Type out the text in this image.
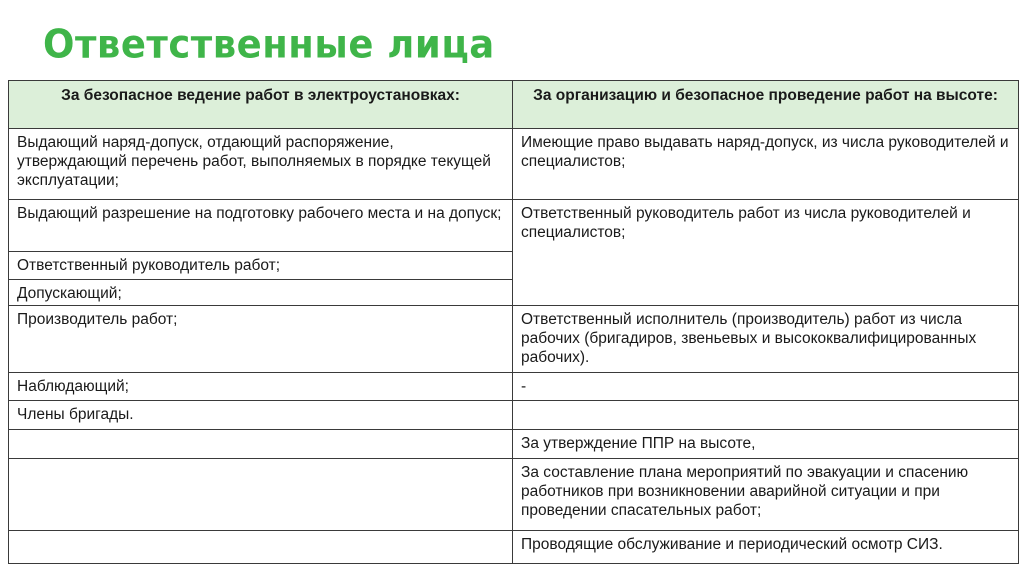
Ответственные лица
За безопасное ведение работ в электроустановках:	За организацию и безопасное проведение работ на высоте:
Выдающий наряд-допуск, отдающий распоряжение, утверждающий перечень работ, выполняемых в порядке текущей эксплуатации;	Имеющие право выдавать наряд-допуск, из числа руководителей и специалистов;
Выдающий разрешение на подготовку рабочего места и на допуск;	Ответственный руководитель работ из числа руководителей и специалистов;
Ответственный руководитель работ;	
Допускающий;	
Производитель работ;	Ответственный исполнитель (производитель) работ из числа рабочих (бригадиров, звеньевых и высококвалифицированных рабочих).
Наблюдающий;	-
Члены бригады.	
	За утверждение ППР на высоте,
	За составление плана мероприятий по эвакуации и спасению работников при возникновении аварийной ситуации и при проведении спасательных работ;
	Проводящие обслуживание и периодический осмотр СИЗ.
